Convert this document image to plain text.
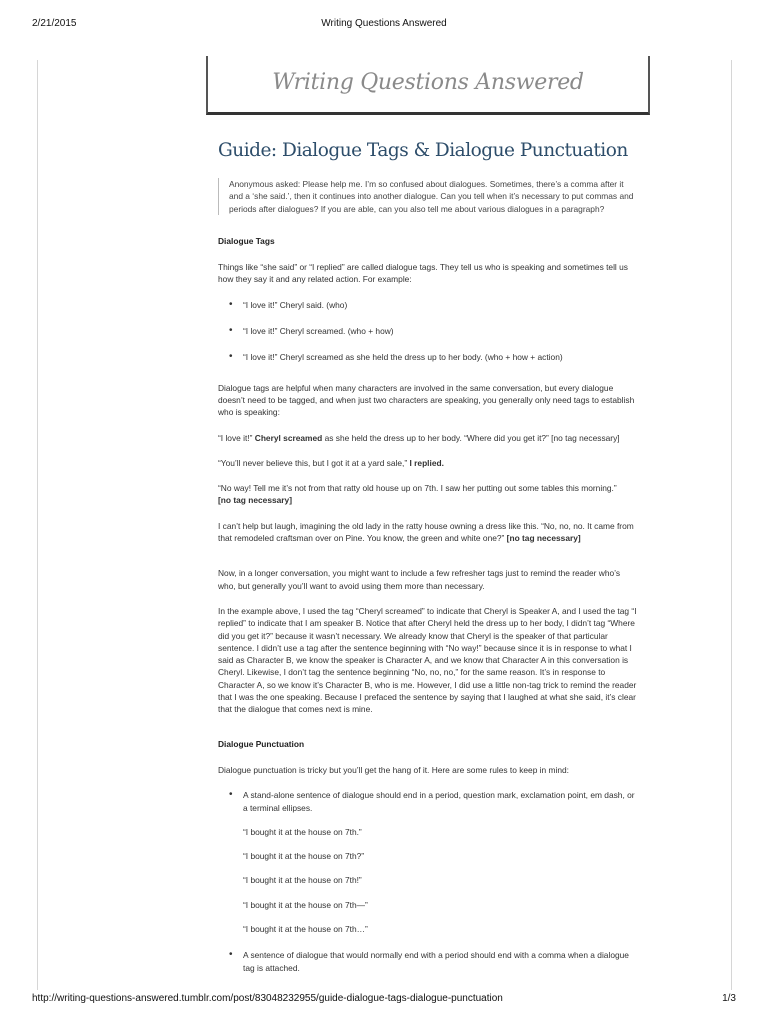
2/21/2015	Writing Questions Answered
Writing Questions Answered
Guide: Dialogue Tags & Dialogue Punctuation
Anonymous asked: Please help me. I’m so confused about dialogues. Sometimes, there’s a comma after it and a ‘she said.’, then it continues into another dialogue. Can you tell when it’s necessary to put commas and periods after dialogues? If you are able, can you also tell me about various dialogues in a paragraph?
Dialogue Tags

Things like “she said” or “I replied” are called dialogue tags. They tell us who is speaking and sometimes tell us how they say it and any related action. For example:

• “I love it!” Cheryl said. (who)
• “I love it!” Cheryl screamed. (who + how)
• “I love it!” Cheryl screamed as she held the dress up to her body. (who + how + action)

Dialogue tags are helpful when many characters are involved in the same conversation, but every dialogue doesn’t need to be tagged, and when just two characters are speaking, you generally only need tags to establish who is speaking:

“I love it!” Cheryl screamed as she held the dress up to her body. “Where did you get it?” [no tag necessary]

“You’ll never believe this, but I got it at a yard sale,” I replied.

“No way! Tell me it’s not from that ratty old house up on 7th. I saw her putting out some tables this morning.”
[no tag necessary]

I can’t help but laugh, imagining the old lady in the ratty house owning a dress like this. “No, no, no. It came from that remodeled craftsman over on Pine. You know, the green and white one?” [no tag necessary]

Now, in a longer conversation, you might want to include a few refresher tags just to remind the reader who’s who, but generally you’ll want to avoid using them more than necessary.

In the example above, I used the tag “Cheryl screamed” to indicate that Cheryl is Speaker A, and I used the tag “I replied” to indicate that I am speaker B. Notice that after Cheryl held the dress up to her body, I didn’t tag “Where did you get it?” because it wasn’t necessary. We already know that Cheryl is the speaker of that particular sentence. I didn’t use a tag after the sentence beginning with “No way!” because since it is in response to what I said as Character B, we know the speaker is Character A, and we know that Character A in this conversation is Cheryl. Likewise, I don’t tag the sentence beginning “No, no, no,” for the same reason. It’s in response to Character A, so we know it’s Character B, who is me. However, I did use a little non-tag trick to remind the reader that I was the one speaking. Because I prefaced the sentence by saying that I laughed at what she said, it’s clear that the dialogue that comes next is mine.

Dialogue Punctuation

Dialogue punctuation is tricky but you’ll get the hang of it. Here are some rules to keep in mind:

• A stand-alone sentence of dialogue should end in a period, question mark, exclamation point, em dash, or a terminal ellipses.
“I bought it at the house on 7th.”
“I bought it at the house on 7th?”
“I bought it at the house on 7th!”
“I bought it at the house on 7th—”
“I bought it at the house on 7th…”
• A sentence of dialogue that would normally end with a period should end with a comma when a dialogue tag is attached.
http://writing-questions-answered.tumblr.com/post/83048232955/guide-dialogue-tags-dialogue-punctuation	1/3
